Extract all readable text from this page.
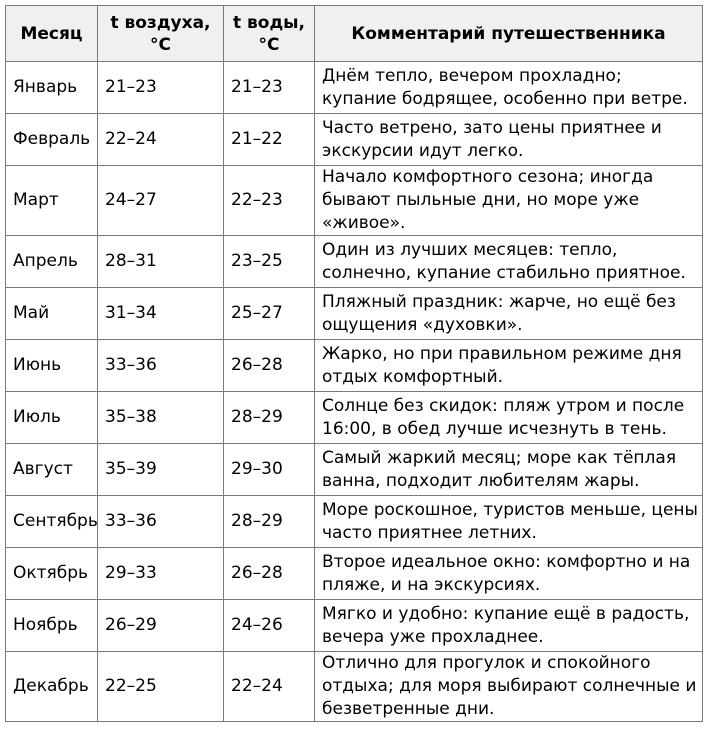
Месяц	t воздуха, °C	t воды, °C	Комментарий путешественника
Январь	21–23	21–23	Днём тепло, вечером прохладно; купание бодрящее, особенно при ветре.
Февраль	22–24	21–22	Часто ветрено, зато цены приятнее и экскурсии идут легко.
Март	24–27	22–23	Начало комфортного сезона; иногда бывают пыльные дни, но море уже «живое».
Апрель	28–31	23–25	Один из лучших месяцев: тепло, солнечно, купание стабильно приятное.
Май	31–34	25–27	Пляжный праздник: жарче, но ещё без ощущения «духовки».
Июнь	33–36	26–28	Жарко, но при правильном режиме дня отдых комфортный.
Июль	35–38	28–29	Солнце без скидок: пляж утром и после 16:00, в обед лучше исчезнуть в тень.
Август	35–39	29–30	Самый жаркий месяц; море как тёплая ванна, подходит любителям жары.
Сентябрь	33–36	28–29	Море роскошное, туристов меньше, цены часто приятнее летних.
Октябрь	29–33	26–28	Второе идеальное окно: комфортно и на пляже, и на экскурсиях.
Ноябрь	26–29	24–26	Мягко и удобно: купание ещё в радость, вечера уже прохладнее.
Декабрь	22–25	22–24	Отлично для прогулок и спокойного отдыха; для моря выбирают солнечные и безветренные дни.
